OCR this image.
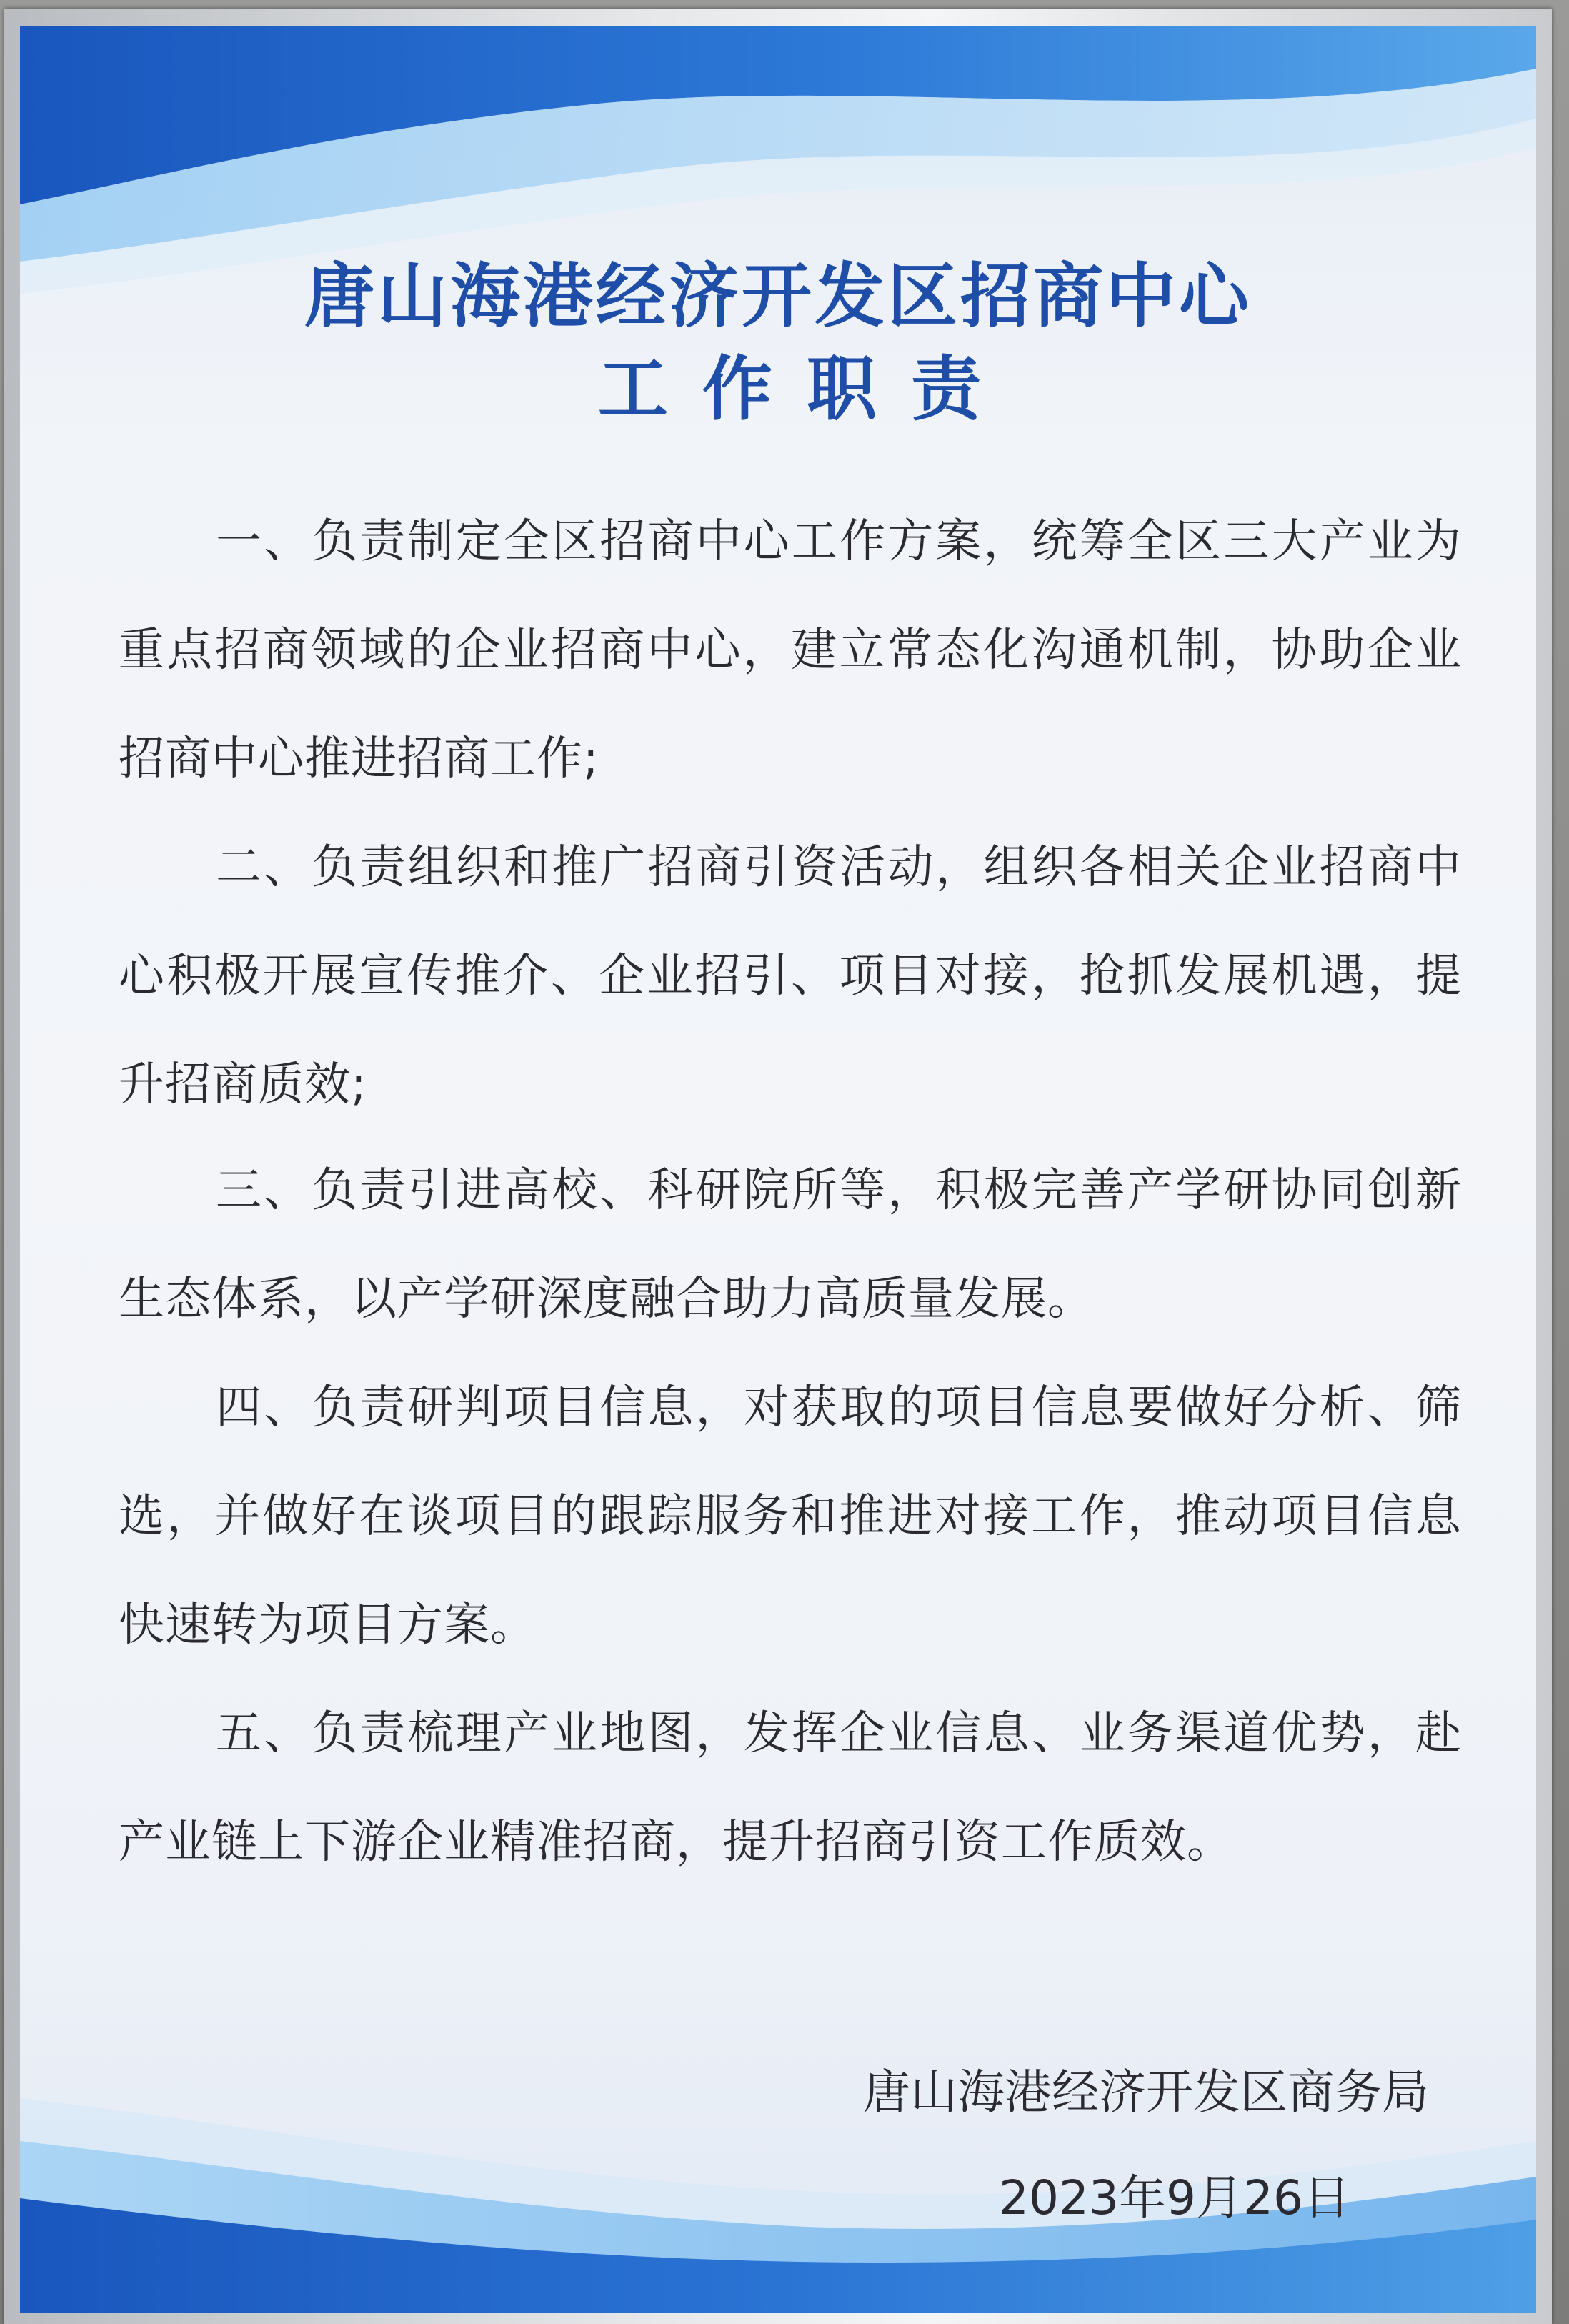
唐山海港经济开发区招商中心
工作职责

一、负责制定全区招商中心工作方案，统筹全区三大产业为重点招商领域的企业招商中心，建立常态化沟通机制，协助企业招商中心推进招商工作;

二、负责组织和推广招商引资活动，组织各相关企业招商中心积极开展宣传推介、企业招引、项目对接，抢抓发展机遇，提升招商质效;

三、负责引进高校、科研院所等，积极完善产学研协同创新生态体系，以产学研深度融合助力高质量发展。

四、负责研判项目信息，对获取的项目信息要做好分析、筛选，并做好在谈项目的跟踪服务和推进对接工作，推动项目信息快速转为项目方案。

五、负责梳理产业地图，发挥企业信息、业务渠道优势，赴产业链上下游企业精准招商，提升招商引资工作质效。

唐山海港经济开发区商务局

2023年9月26日
